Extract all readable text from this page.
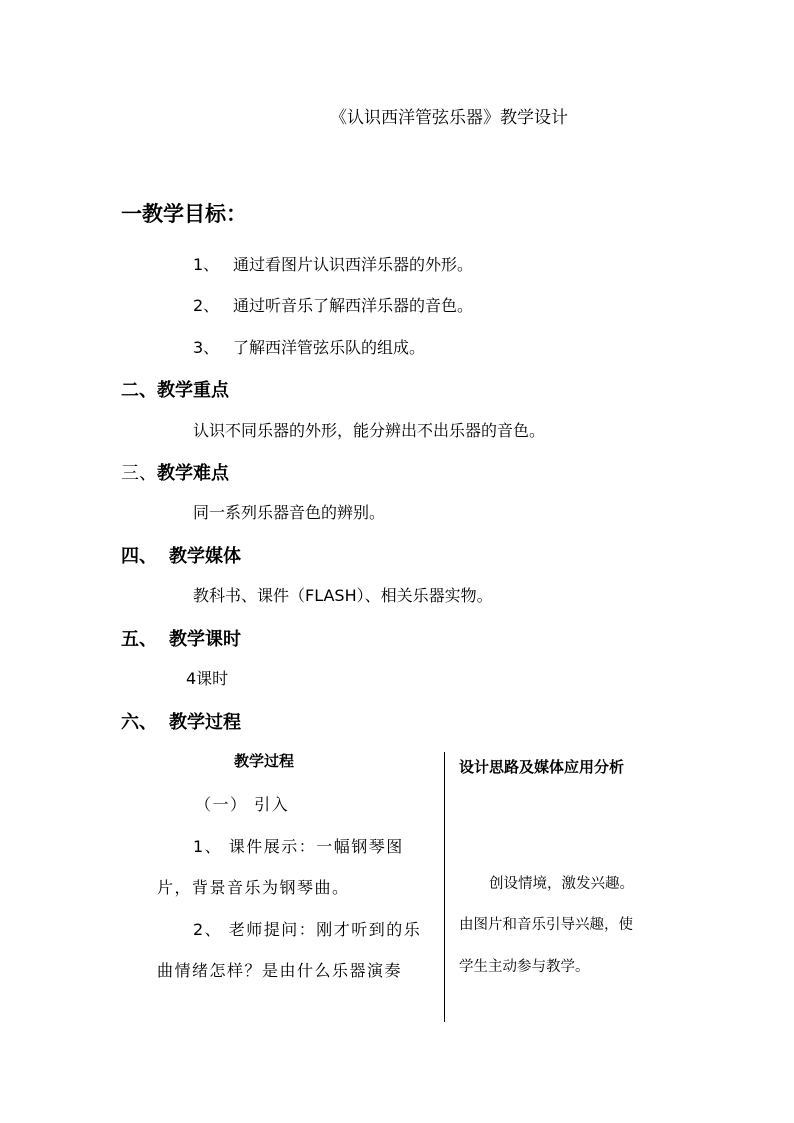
《认识西洋管弦乐器》教学设计
一教学目标：
1、 通过看图片认识西洋乐器的外形。
2、 通过听音乐了解西洋乐器的音色。
3、 了解西洋管弦乐队的组成。
二、教学重点
认识不同乐器的外形，能分辨出不出乐器的音色。
三、教学难点
同一系列乐器音色的辨别。
四、 教学媒体
教科书、课件（FLASH）、相关乐器实物。
五、 教学课时
4课时
六、 教学过程
教学过程	设计思路及媒体应用分析
（一） 引入
1、 课件展示：一幅钢琴图
片，背景音乐为钢琴曲。
2、 老师提问：刚才听到的乐
曲情绪怎样？是由什么乐器演奏
创设情境，激发兴趣。
由图片和音乐引导兴趣，使
学生主动参与教学。
